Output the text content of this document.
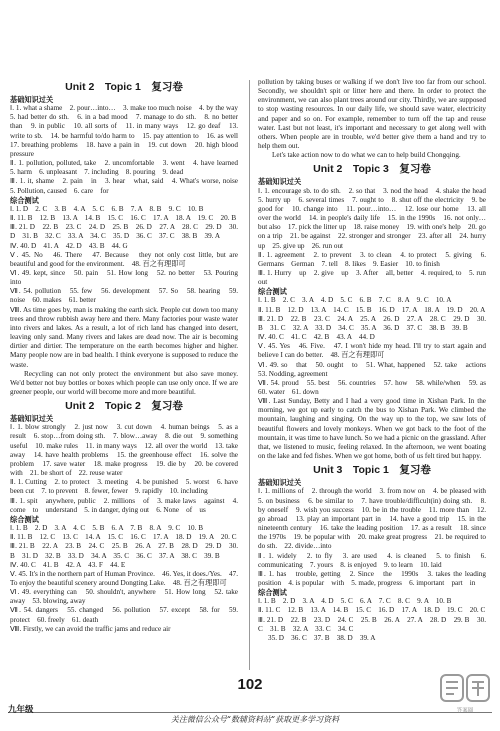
Unit 2　Topic 1　复习卷
基础知识过关

Ⅰ. 1. what a shame　2. pour…into…　3. make too much noise　4. by the way　5. had better do sth.　6. in a bad mood　7. manage to do sth.　8. no better than　9. in public　10. all sorts of　11. in many ways　12. go deaf　13. write to sb.　14. be harmful to/do harm to　15. pay attention to　16. as well　17. breathing problems　18. have a pain in　19. cut down　20. high blood pressure

Ⅱ. 1. pollution, polluted, take　2. uncomfortable　3. went　4. have learned　5. harm　6. unpleasant　7. including　8. pouring　9. dead

Ⅲ. 1. it, shame　2. pain　in　3. hear　what, said　4. What's worse, noise　5. Pollution, caused　6. care　for

综合测试

Ⅰ. 1. D　2. C　3. B　4. A　5. C　6. B　7. A　8. B　9. C　10. B

Ⅱ. 11. B　12. B　13. A　14. B　15. C　16. C　17. A　18. A　19. C　20. B

Ⅲ. 21. D　22. B　23. C　24. D　25. B　26. D　27. A　28. C　29. D　30. D　31. B　32. C　33. A　34. C　35. D　36. C　37. C　38. B　39. A

Ⅳ. 40. D　41. A　42. D　43. B　44. G

Ⅴ. 45. No　46. There　47. Because　they not only cost little, but are beautiful and good for the environment.　48. 百之有理即可

Ⅵ. 49. kept, since　50. pain　51. How long　52. no better　53. Pouring　into

Ⅶ. 54. pollution　55. few　56. development　57. So　58. hearing　59. noise　60. makes　61. better

Ⅷ. As time goes by, man is making the earth sick. People cut down too many trees and throw rubbish away here and there. Many factories pour waste water into rivers and lakes. As a result, a lot of rich land has changed into desert, leaving only sand. Many rivers and lakes are dead now. The air is becoming dirtier and dirtier. The temperature on the earth becomes higher and higher. Many people now are in bad health. I think everyone is supposed to reduce the waste.

Recycling can not only protect the environment but also save money. We'd better not buy bottles or boxes which people can use only once. If we are greener people, our world will become more and more beautiful.

Unit 2　Topic 2　复习卷
基础知识过关

Ⅰ. 1. blow strongly　2. just now　3. cut down　4. human beings　5. as a result　6. stop…from doing sth.　7. blow…away　8. die out　9. something useful　10. make rules　11. in many ways　12. all over the world　13. take away　14. have health problems　15. the greenhouse effect　16. solve the problem　17. save water　18. make progress　19. die by　20. be covered with　21. be short of　22. reuse water

Ⅱ. 1. Cutting　2. to protect　3. meeting　4. be punished　5. worst　6. have been cut　7. to prevent　8. fewer, fewer　9. rapidly　10. including

Ⅲ. 1. spit　anywhere, public　2. millions　of　3. make laws　against　4. come　to　understand　5. in danger, dying out　6. None　of　us

综合测试

Ⅰ. 1. B　2. D　3. A　4. C　5. B　6. A　7. B　8. A　9. C　10. B

Ⅱ. 11. B　12. C　13. C　14. A　15. C　16. C　17. A　18. D　19. A　20. C

Ⅲ. 21. B　22. A　23. B　24. C　25. B　26. A　27. B　28. D　29. D　30. B　31. D　32. B　33. D　34. A　35. C　36. C　37. A　38. C　39. B

Ⅳ. 40. C　41. B　42. A　43. F　44. E

Ⅴ. 45. It's in the northern part of Human Province.　46. Yes, it does./Yes.　47. To enjoy the beautiful scenery around Dongting Lake.　48. 百之有理即可

Ⅵ. 49. everything can　50. shouldn't, anywhere　51. How long　52. take away　53. blowing, away

Ⅶ. 54. dangers　55. changed　56. pollution　57. except　58. for　59. protect　60. freely　61. death

Ⅷ. Firstly, we can avoid the traffic jams and reduce air

pollution by taking buses or walking if we don't live too far from our school. Secondly, we shouldn't spit or litter here and there. In order to protect the environment, we can also plant trees around our city. Thirdly, we are supposed to stop wasting resources. In our daily life, we should save water, electricity and paper and so on. For example, remember to turn off the tap and reuse water. Last but not least, it's important and necessary to get along well with others. When people are in trouble, we'd better give them a hand and try to help them out.

Let's take action now to do what we can to help build Chongqing.

Unit 2　Topic 3　复习卷
基础知识过关

Ⅰ. 1. encourage sb. to do sth.　2. so that　3. nod the head　4. shake the head　5. hurry up　6. several times　7. ought to　8. shut off the electricity　9. be good for　10. change into　11. pour…into…　12. lose our home　13. all over the world　14. in people's daily life　15. in the 1990s　16. not only…but also　17. pick the litter up　18. raise money　19. with one's help　20. go on a trip　21. be against　22. stronger and stronger　23. after all　24. hurry up　25. give up　26. run out

Ⅱ. 1. agreement　2. to prevent　3. to clean　4. to protect　5. giving　6. Germans　German　7. tell　8. likes　9. Easier　10. to finish

Ⅲ. 1. Hurry　up　2. give　up　3. After　all, better　4. required, to　5. run　out

综合测试

Ⅰ. 1. B　2. C　3. A　4. D　5. C　6. B　7. C　8. A　9. C　10. A

Ⅱ. 11. B　12. D　13. A　14. C　15. B　16. D　17. A　18. A　19. D　20. A

Ⅲ. 21. D　22. B　23. C　24. A　25. A　26. D　27. A　28. C　29. D　30. B　31. C　32. A　33. D　34. C　35. A　36. D　37. C　38. B　39. B

Ⅳ. 40. C　41. C　42. B　43. A　44. D

Ⅴ. 45. Yes　46. Five.　47. I won't hide my head. I'll try to start again and believe I can do better.　48. 百之有理即可

Ⅵ. 49. so　that　50. ought　to　51. What, happened　52. take　actions　53. Nodding, agreement

Ⅶ. 54. proud　55. best　56. countries　57. how　58. while/when　59. as　60. water　61. down

Ⅷ. Last Sunday, Betty and I had a very good time in Xishan Park. In the morning, we got up early to catch the bus to Xishan Park. We climbed the mountain, laughing and singing. On the way up to the top, we saw lots of beautiful flowers and lovely monkeys. When we got back to the foot of the mountain, it was time to have lunch. So we had a picnic on the grassland. After that, we listened to music, feeling relaxed. In the afternoon, we went boating on the lake and fed fishes. When we got home, both of us felt tired but happy.

Unit 3　Topic 1　复习卷
基础知识过关

Ⅰ. 1. millions of　2. through the world　3. from now on　4. be pleased with　5. on business　6. be similar to　7. have trouble/difficult(in) doing sth.　8. by oneself　9. wish you success　10. be in the trouble　11. more than　12. go abroad　13. play an important part in　14. have a good trip　15. in the nineteenth century　16. take the leading position　17. as a result　18. since the 1970s　19. be popular with　20. make great progress　21. be required to do sth.　22. divide…into

Ⅱ. 1. widely　2. to fly　3. are used　4. is cleaned　5. to finish　6. communicating　7. yours　8. is enjoyed　9. to learn　10. laid

Ⅲ. 1. has　trouble, getting　2. Since　the　1990s　3. takes the leading position　4. is popular　with　5. made, progress　6. important　part　in

综合测试

Ⅰ. 1. B　2. D　3. A　4. D　5. C　6. A　7. C　8. C　9. A　10. B

Ⅱ. 11. C　12. B　13. A　14. B　15. C　16. D　17. A　18. D　19. C　20. C

Ⅲ. 21. D　22. B　23. D　24. C　25. B　26. A　27. A　28. D　29. B　30. C　31. B　32. A　33. C　34. C

35. D　36. C　37. B　38. D　39. A

102
九年级
关注微信公众号“数辅资料站”获取更多学习资料
答案圈
